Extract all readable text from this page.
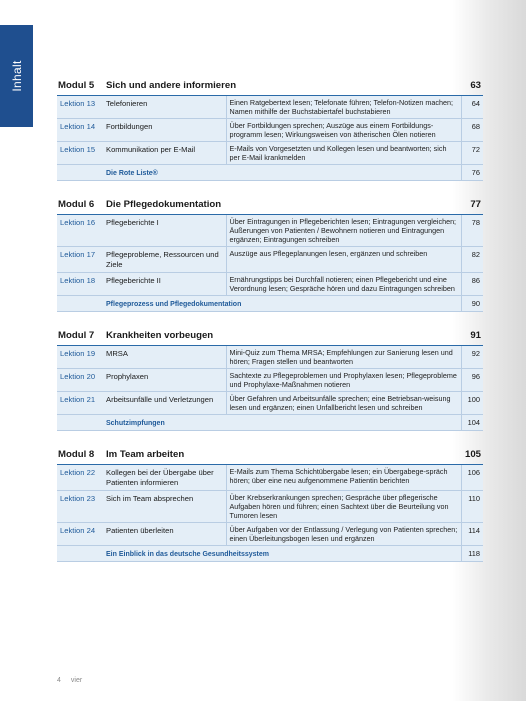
Inhalt	Modul 5 Sich und andere informieren	63
Lektion 13	Telefonieren	Einen Ratgebertext lesen; Telefonate führen; Telefon-Notizen machen; Namen mithilfe der Buchstabiertafel buchstabieren	64
Lektion 14	Fortbildungen	Über Fortbildungen sprechen; Auszüge aus einem Fortbildungs-programm lesen; Wirkungsweisen von ätherischen Ölen notieren	68
Lektion 15	Kommunikation per E-Mail	E-Mails von Vorgesetzten und Kollegen lesen und beantworten; sich per E-Mail krankmelden	72
	Die Rote Liste®		76
Modul 6 Die Pflegedokumentation	77
Lektion 16	Pflegeberichte I	Über Eintragungen in Pflegeberichten lesen; Eintragungen vergleichen; Äußerungen von Patienten / Bewohnern notieren und Eintragungen ergänzen; Eintragungen schreiben	78
Lektion 17	Pflegeprobleme, Ressourcen und Ziele	Auszüge aus Pflegeplanungen lesen, ergänzen und schreiben	82
Lektion 18	Pflegeberichte II	Ernährungstipps bei Durchfall notieren; einen Pflegebericht und eine Verordnung lesen; Gespräche hören und dazu Eintragungen schreiben	86
	Pflegeprozess und Pflegedokumentation		90
Modul 7 Krankheiten vorbeugen	91
Lektion 19	MRSA	Mini-Quiz zum Thema MRSA; Empfehlungen zur Sanierung lesen und hören; Fragen stellen und beantworten	92
Lektion 20	Prophylaxen	Sachtexte zu Pflegeproblemen und Prophylaxen lesen; Pflegeprobleme und Prophylaxe-Maßnahmen notieren	96
Lektion 21	Arbeitsunfälle und Verletzungen	Über Gefahren und Arbeitsunfälle sprechen; eine Betriebsan-weisung lesen und ergänzen; einen Unfallbericht lesen und schreiben	100
	Schutzimpfungen		104
Modul 8 Im Team arbeiten	105
Lektion 22	Kollegen bei der Übergabe über Patienten informieren	E-Mails zum Thema Schichtübergabe lesen; ein Übergabege-spräch hören; über eine neu aufgenommene Patientin berichten	106
Lektion 23	Sich im Team absprechen	Über Krebserkrankungen sprechen; Gespräche über pflegerische Aufgaben hören und führen; einen Sachtext über die Beurteilung von Tumoren lesen	110
Lektion 24	Patienten überleiten	Über Aufgaben vor der Entlassung / Verlegung von Patienten sprechen; einen Überleitungsbogen lesen und ergänzen	114
	Ein Einblick in das deutsche Gesundheitssystem		118
4 vier
